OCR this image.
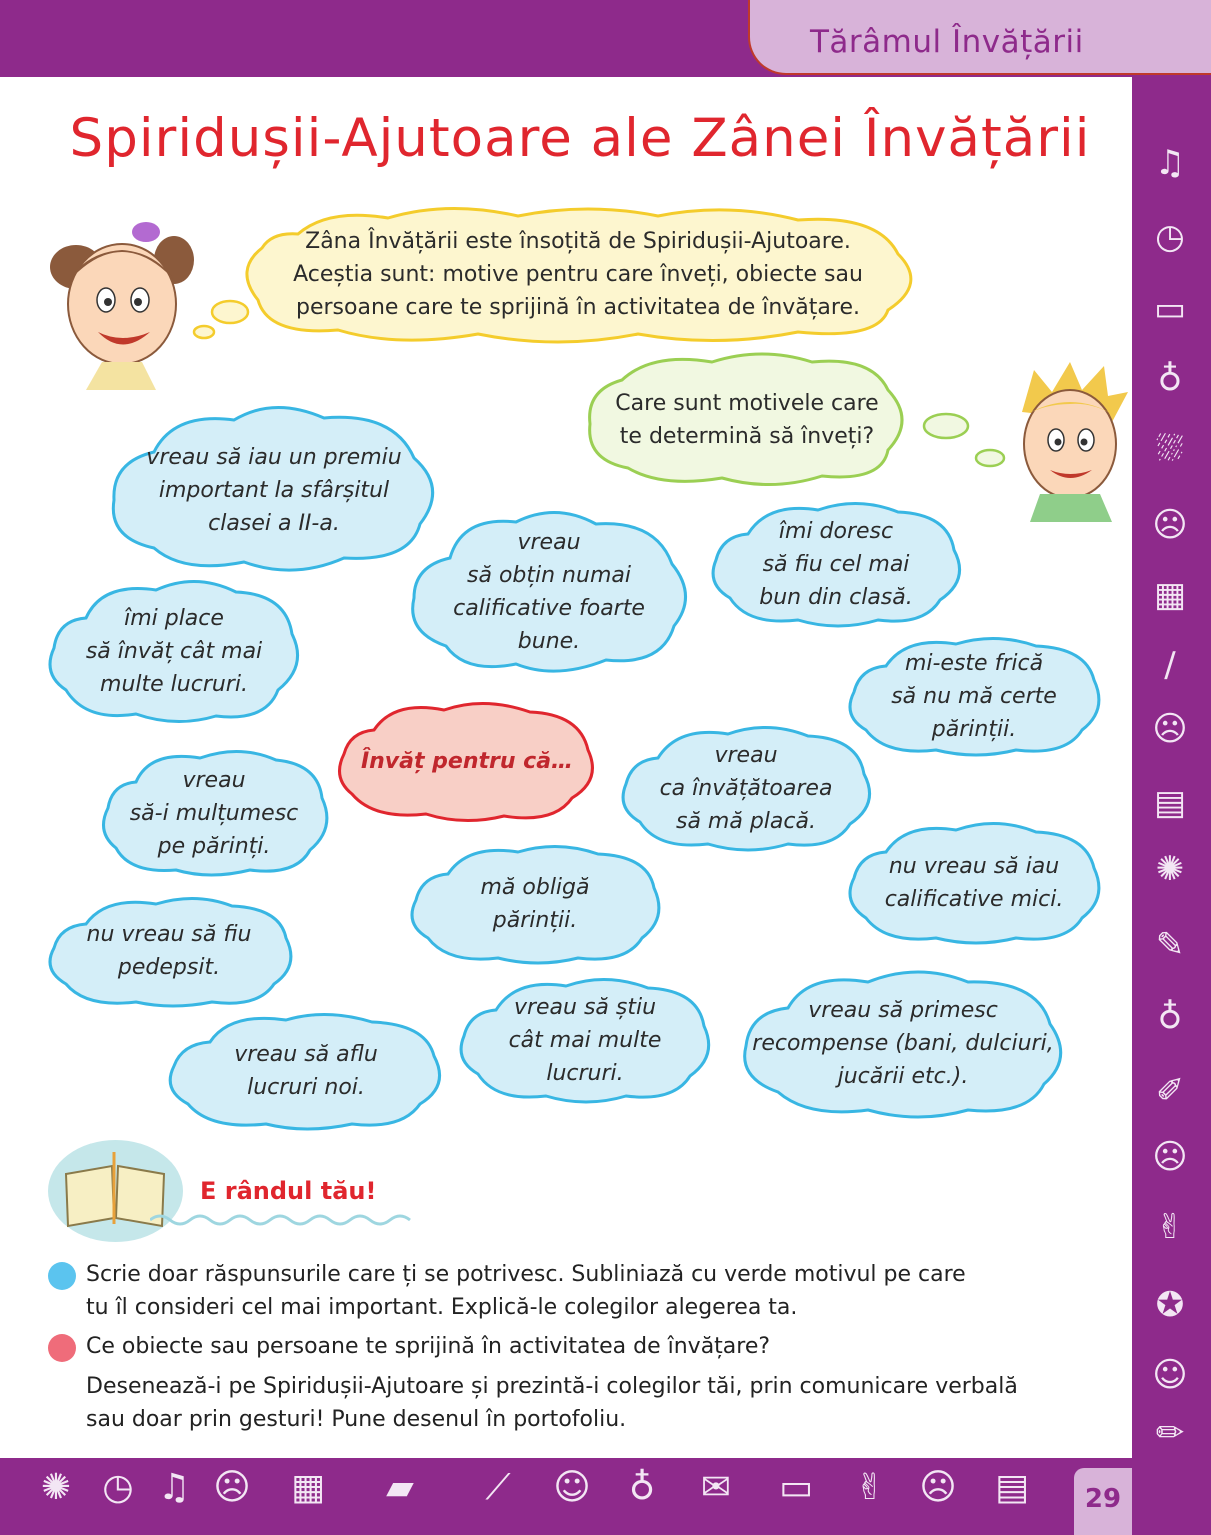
Tărâmul Învățării
♫
◷
▭
♁
⛆
☹
▦
∕
☹
▤
✺
✎
♁
✐
☹
✌
✪
☺
✏
✺ ◷ ♫ ☹	▦	▰	⟋	☺	♁	✉	▭	✌ ☹	▤	29
Spiridușii-Ajutoare ale Zânei Învățării
Zâna Învățării este însoțită de Spiridușii-Ajutoare.
Aceștia sunt: motive pentru care înveți, obiecte sau
persoane care te sprijină în activitatea de învățare.
Care sunt motivele care
te determină să înveți?
vreau să iau un premiu
important la sfârșitul
clasei a II-a.
vreau
să obțin numai
calificative foarte
bune.
îmi doresc
să fiu cel mai
bun din clasă.
îmi place
să învăț cât mai
multe lucruri.
mi-este frică
să nu mă certe
părinții.
vreau
să-i mulțumesc
pe părinți.
Învăț pentru că…	vreau
ca învățătoarea
să mă placă.
mă obligă
părinții.
nu vreau să iau
calificative mici.
nu vreau să fiu
pedepsit.
vreau să știu
cât mai multe
lucruri.
vreau să primesc
recompense (bani, dulciuri,
jucării etc.).
vreau să aflu
lucruri noi.
E rândul tău!
Scrie doar răspunsurile care ți se potrivesc. Subliniază cu verde motivul pe care
tu îl consideri cel mai important. Explică-le colegilor alegerea ta.
Ce obiecte sau persoane te sprijină în activitatea de învățare?
Desenează-i pe Spiridușii-Ajutoare și prezintă-i colegilor tăi, prin comunicare verbală
sau doar prin gesturi! Pune desenul în portofoliu.
